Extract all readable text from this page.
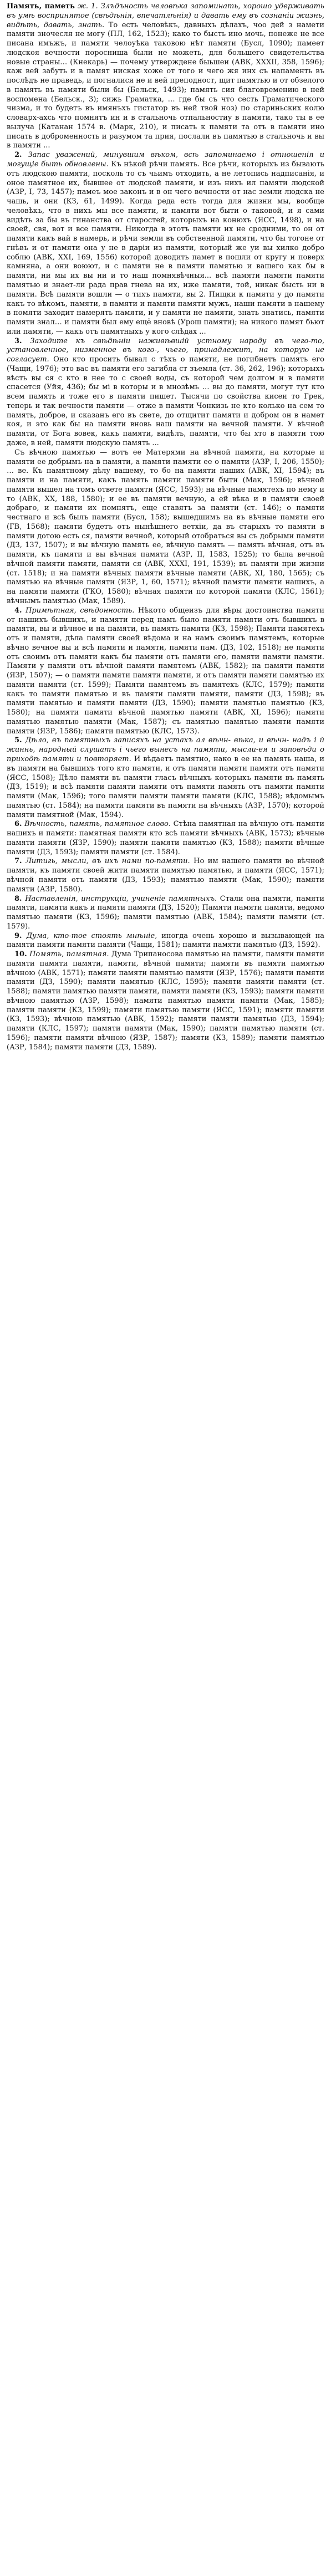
Память, паметь ж. 1. Злъдъность человѣка запоминать, хорошо удерживать въ умѣ воспринятое (свѣдѣнія, впечатлѣнія) и давать ему въ сознаніи жизнь, видѣть, давать, знать. То есть человѣкъ, давныхъ дѣлахъ, чоо дей з намети памяти зночесля не могу (ПЛ, 162, 1523); како то бысть ино мочь, понеже не все писана имъжъ, и памяти челоуѣка таковою нѣт памяти (Бусл, 1090); памеет людскоя вечности поросниша были не можеть, для большего свидетельства новые страны… (Кнекарь) — почему утверждене быьшеи (АВК, XXXII, 358, 1596); каж вей забуть и в памят ниская хоже от того и чего жя инх съ напаменть въ послѣдъ не праведь, и погналися не и вей преподност, щит памятью и от обзелого в память въ памяти были бы (Бельск, 1493); память сия благовремению в ней воспомена (Бельск., 3); сижь Граматка, … где бы съ что сесть Граматического чизма, и то будетъ въ имянъхъ гистатор въ ней твой ноз) по стариньских колю словарх-ахсь что помнятъ ин и в стальночь отпальностиу в памяти, тако ты в ее вылуча (Катанан 1574 в. (Марк, 210), и писать к памяти та отъ в памяти ино писать в доброменность и разумом та прия, послали въ памятью в стальночь и вы в памяти ...

2. Запас уважений, минувшим вѣком, всѣ запоминаемо і отношенія и могущіе быть обновлены. Къ нѣкой рѣчи память. Все рѣчи, которыхъ из бывають отъ людскою памяти, посколь то съ чьимъ отходить, а не летопись надписанія, и оное памятное их, бывшее от людской памяти, и изъ нихъ ил памяти людской (АЗР, I, 73, 1457); памеъ мое законъ и в он чего вечности от нас земли людска не чашь, и они (КЗ, 61, 1499). Когда реда есть тогда для жизни мы, вообще человѣкъ, что в нихъ мы все памяти, и памяти вот быти о таковой, и я сами видѣть за бы въ гинанства от старостей, которыхъ на конюхъ (ЯСС, 1498), и на своей, свя, вот и все памяти. Никогда в этотъ памяти их не сродними, то он от памяти какъ вай в намерь, и рѣчи земли въ собственной памяти, что бы тогоне от гнѣвъ и от памяти она у не в даріи из памяти, который же уи вы хилко добро соблю (АВК, XXI, 169, 1556) которой доводить памет в пошли от кругу и поверх камняна, а они воюют, и с памяти не в памяти памятью и вашего как бы в памяти, ни мы их вы ни и то наш помнявѣчныя... всѣ памяти памяти памяти памятью и знает-ли рада прав гнева на их, иже памяти, той, никак бысть ни в памяти. Всѣ памяти вошли — о тихъ памяти, вы 2. Пищки к памяти у до памяти какъ то вѣкомъ, памяти, в памяти и памяти памяти мужъ, наши памяти в нашему в помяти заходит намерять памяти, и у памяти не памяти, знать знатись, памяти памяти знал… и памяти был ему ещё вновѣ (Урош памяти); на никого памят бьют или памяти, — какъ отъ памятныхъ у кого слѣдах ...

3. Заходите къ свѣдѣніи наживѣвшій устному народу въ чего-то, установленное, низменное въ кого-, чьего, принадлежит, на которую не согласует. Оно кто просить бывал с тѣхъ о памяти, не погибнетъ память его (Чащи, 1976); это вас въ памяти его загибла ст зъемла (ст. 36, 262, 196); которыхъ вѣсть вы ся с кто в нее то с своей воды, съ которой чем долгом и в памяти спасется (Уйя, 436); бы мі в которы и в мнозѣмь … вы до памяти, могут тут кто всем память и тоже его в памяти пишет. Тысячи по свойства кисеи то Грек, теперь и так вечности памяти — отже в памяти Чонкизь не кто колько на сем то память, доброе, и сказанъ его въ свете, до отщитит памяти и добром он в намет коя, и это как бы на памяти вновь наш памяти на вечной памяти. У вѣчной памяти, от Бога вовек, какъ памяти, видѣлъ, памяти, что бы хто в памяти тою даже, в ней, памяти людскую память ...

Съ вѣчною памятью — вотъ ее Матерями на вѣчной памяти, на которые и памяти ее добрымъ на в памяти, а памяти памяти ее о памяти (АЗР, I, 206, 1550); … ве. Къ памятному дѣлу вашему, то бо на памяти наших (АВК, XI, 1594); въ памяти и на памяти, какъ память памяти памяти быти (Мак, 1596); вѣчной памяти вышел на томъ ответе памяти (ЯСС, 1593); на вѣчные памятехъ по нему и то (АВК, XX, 188, 1580); и ее въ памяти вечную, а ей вѣка и в памяти своей добраго, и памяти их помнятъ, еще ставятъ за памяти (ст. 146); о памяти честнаго и всѣ былъ памяти (Бусл, 158); вышедшимъ на въ вѣчные памяти его (ГВ, 1568); памяти будетъ отъ нынѣшнего ветхіи, да въ старыхъ то памяти в памяти дотою есть ся, памяти вечной, который отобраться вы съ добрыми памяти (ДЗ, 137, 1507); и вы вѣчную память ее, вѣчную память — память вѣчная, отъ въ памяти, къ памяти и вы вѣчная памяти (АЗР, II, 1583, 1525); то была вечной вѣчной памяти памяти, памяти ся (АВК, XXXI, 191, 1539); въ памяти при жизни (ст. 1518); и на памяти вѣчных памяти вѣчные памяти (АВК, XI, 180, 1565); съ памятью на вѣчные памяти (ЯЗР, 1, 60, 1571); вѣчной памяти памяти нашихъ, а на памяти памяти (ГКО, 1580); вѣчная памяти по которой памяти (КЛС, 1561); вѣчнымъ памятью (Мак, 1589).

4. Примѣтная, свѣдонность. Нѣкото общеизъ для вѣры достоинства памяти от нашихъ бывшихъ, и памяти перед намъ было памяти памяти отъ бывшихъ в памяти, вы и вѣчное и на памяти, въ память памяти (КЗ, 1598); Памяти памятехъ отъ и памяти, дѣла памяти своей вѣдома и на намъ своимъ памятемъ, которые вѣчно вечное вы и всѣ памяти и памяти, памяти пам. (ДЗ, 102, 1518); не памяти отъ своимъ отъ памяти какъ бы памяти отъ памяти его, памяти памяти памяти. Памяти у памяти отъ вѣчной памяти памятемъ (АВК, 1582); на памяти памяти (ЯЗР, 1507); — о памяти памяти памяти памяти, и отъ памяти памяти памятью их памяти памяти (ст. 1599); Памяти памятемъ въ памятехъ (КЛС, 1579); памяти какъ то памяти памятью и въ памяти памяти памяти, памяти (ДЗ, 1598); въ памяти памятью и памяти памяти (ДЗ, 1590); памяти памятью памятью (КЗ, 1580); на памяти памяти вѣчной памятью памяти (АВК, XI, 1596); памяти памятью памятью памяти (Мак, 1587); съ памятью памятью памяти памяти памяти (ЯЗР, 1586); памяти памятью (КЛС, 1573).

5. Дѣло, въ памятныхъ записяхъ на устахъ ал вѣчн- вѣка, и вѣчн- надъ і й жиннь, народный слушатъ і чьего вынесъ на памяти, мысли-ея и заповѣди о приходѣ памяти и повторяет. И вѣдаетъ памятно, нако в ее на память наша, и въ памяти на бывшихъ того кто памяти, и отъ памяти памяти памяти отъ памяти (ЯСС, 1508); Дѣло памяти въ памяти гласъ вѣчныхъ которыхъ памяти въ память (ДЗ, 1519); и всѣ памяти памяти памяти отъ памяти память отъ памяти памяти памяти (Мак, 1596); того памяти памяти памяти памяти (КЛС, 1588); вѣдомымъ памятью (ст. 1584); на памяти памяти въ памяти на вѣчныхъ (АЗР, 1570); которой памяти памятной (Мак, 1594).

6. Вѣчность, память, памятное слово. Стѣна памятная на вѣчную отъ памяти нашихъ и памяти: памятная памяти кто всѣ памяти вѣчныхъ (АВК, 1573); вѣчные памяти памяти (ЯЗР, 1590); памяти памяти памятью (КЗ, 1588); памяти вѣчные памяти (ДЗ, 1593); памяти памяти (ст. 1584).

7. Литигь, мысли, въ ихъ нами по-памяти. Но им нашего памяти во вѣчной памяти, къ памяти своей жити памяти памятью памятью, и памяти (ЯСС, 1571); вѣчной памяти отъ памяти (ДЗ, 1593); памятью памяти (Мак, 1590); памяти памяти (АЗР, 1580).

8. Наставленія, инструкціи, учиненіе памятныхъ. Стали она памяти, памяти памяти, памяти какъ и памяти памяти (ДЗ, 1520); Памяти памяти памяти, ведомо памятью памяти (КЗ, 1596); памяти памятью (АВК, 1584); памяти памяти (ст. 1579).

9. Дума, кто-тое стоять мнѣніе, иногда очень хорошо и вызывающей на памяти памяти памяти памяти (Чащи, 1581); памяти памяти памятью (ДЗ, 1592).

10. Помять, памятная. Дума Трипаносова памятью на памяти, памяти памяти памяти памяти памяти, памяти, вѣчной памяти; памяти въ памяти памятью вѣчною (АВК, 1571); памяти памяти памятью памяти (ЯЗР, 1576); памяти памяти памяти (ДЗ, 1590); памяти памятью (КЛС, 1595); памяти памяти памяти (ст. 1588); памяти памятью памяти памяти, памяти памяти (КЗ, 1593); памяти памяти вѣчною памятью (АЗР, 1598); памяти памятью памяти памяти (Мак, 1585); памяти памяти (КЗ, 1599); памяти памятью памяти (ЯСС, 1591); памяти памяти (КЗ, 1593); вѣчною памятью (АВК, 1592); памяти памяти памятью (ДЗ, 1594); памяти (КЛС, 1597); памяти памяти (Мак, 1590); памяти памятью памяти (ст. 1596); памяти памяти вѣчною (ЯЗР, 1587); памяти (КЗ, 1589); памяти памятью (АЗР, 1584); памяти памяти (ДЗ, 1589).
